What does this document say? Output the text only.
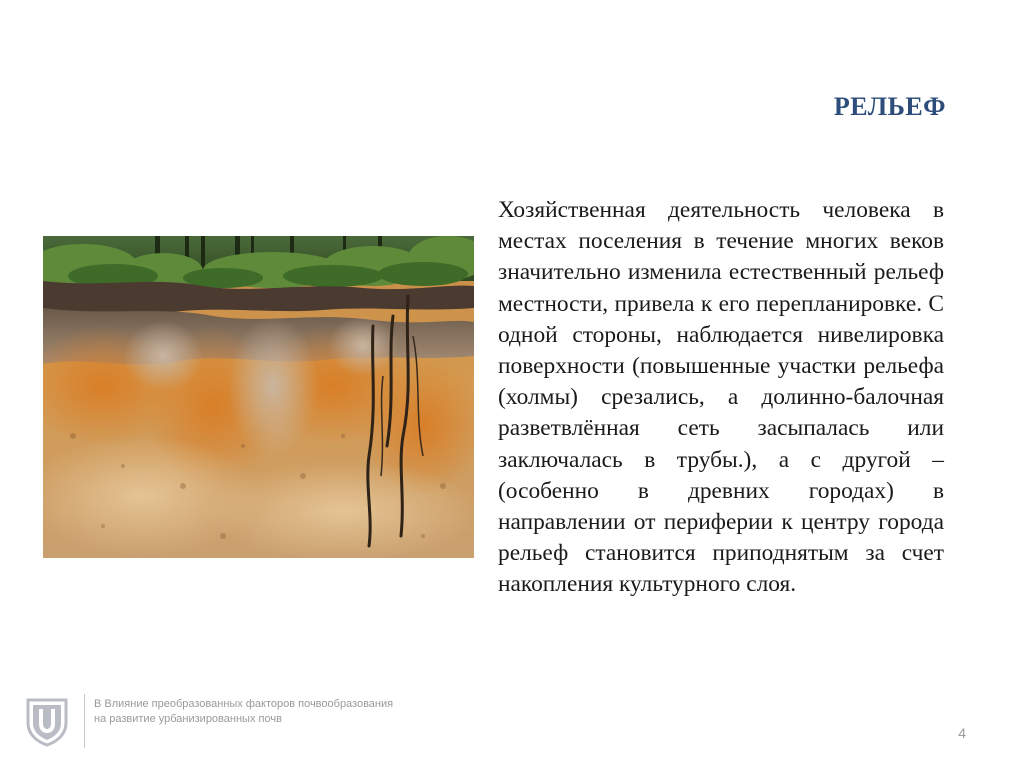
РЕЛЬЕФ
Хозяйственная деятельность человека в местах поселения в течение многих веков значительно изменила естественный рельеф местности, привела к его перепланировке. С одной стороны, наблюдается нивелировка поверхности (повышенные участки рельефа (холмы) срезались, а долинно-балочная разветвлённая сеть засыпалась или заключалась в трубы.), а с другой – (особенно в древних городах) в направлении от периферии к центру города рельеф становится приподнятым за счет накопления культурного слоя.
В Влияние преобразованных факторов почвообразования на развитие урбанизированных почв
4
